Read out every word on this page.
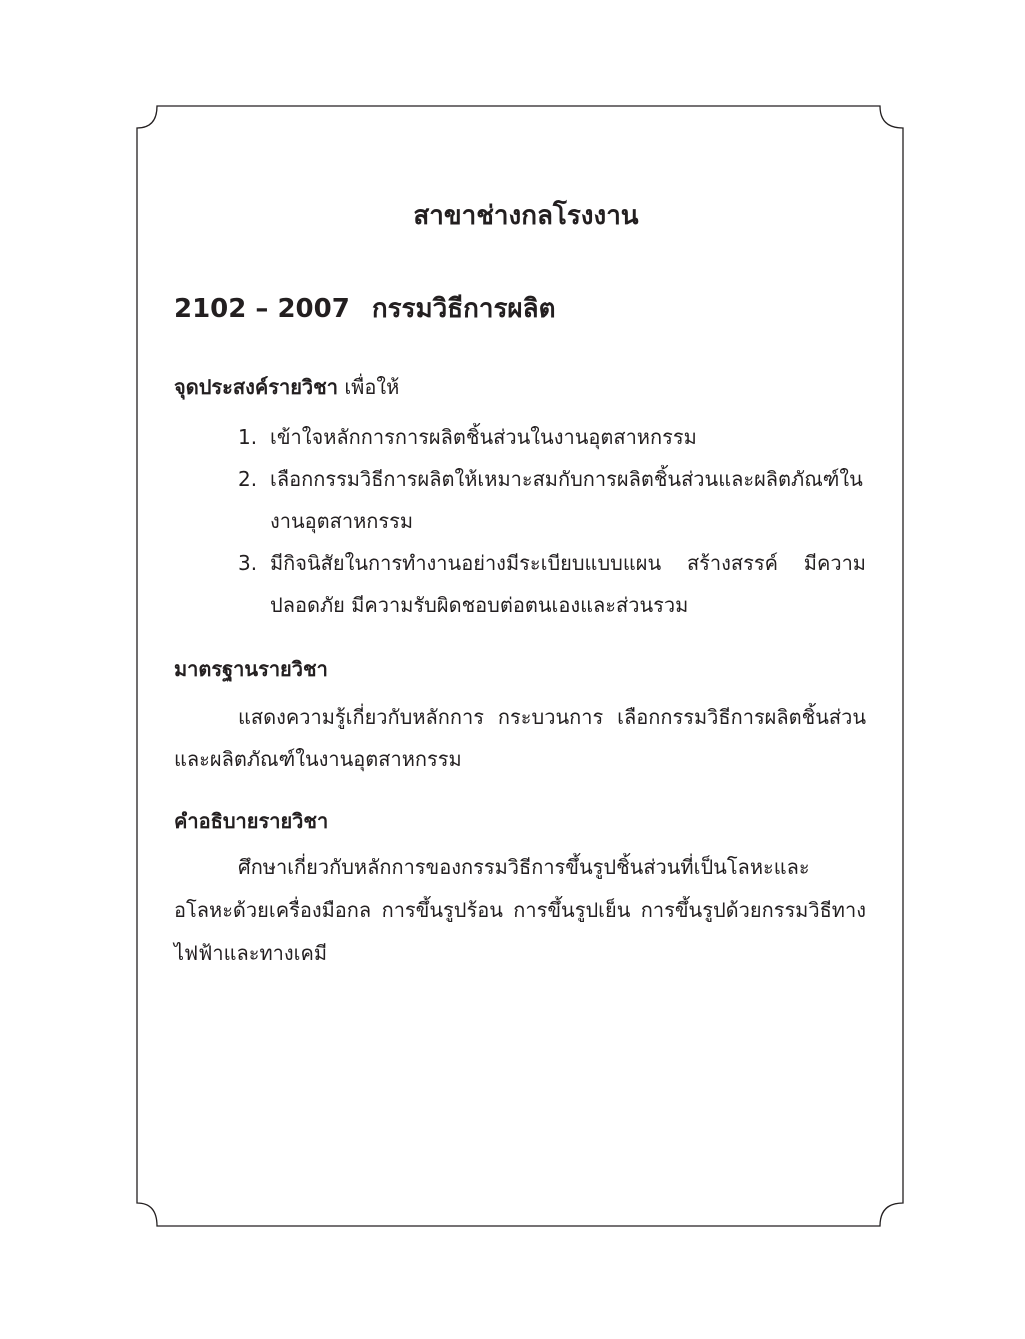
สาขาช่างกลโรงงาน
2102 – 2007 กรรมวิธีการผลิต

จุดประสงค์รายวิชา เพื่อให้

1. เข้าใจหลักการการผลิตชิ้นส่วนในงานอุตสาหกรรม
2. เลือกกรรมวิธีการผลิตให้เหมาะสมกับการผลิตชิ้นส่วนและผลิตภัณฑ์ในงานอุตสาหกรรม
3. มีกิจนิสัยในการทำงานอย่างมีระเบียบแบบแผน สร้างสรรค์ มีความปลอดภัย มีความรับผิดชอบต่อตนเองและส่วนรวม
มาตรฐานรายวิชา

แสดงความรู้เกี่ยวกับหลักการ กระบวนการ เลือกกรรมวิธีการผลิตชิ้นส่วนและผลิตภัณฑ์ในงานอุตสาหกรรม

คำอธิบายรายวิชา

ศึกษาเกี่ยวกับหลักการของกรรมวิธีการขึ้นรูปชิ้นส่วนที่เป็นโลหะและอโลหะด้วยเครื่องมือกล การขึ้นรูปร้อน การขึ้นรูปเย็น การขึ้นรูปด้วยกรรมวิธีทางไฟฟ้าและทางเคมี
